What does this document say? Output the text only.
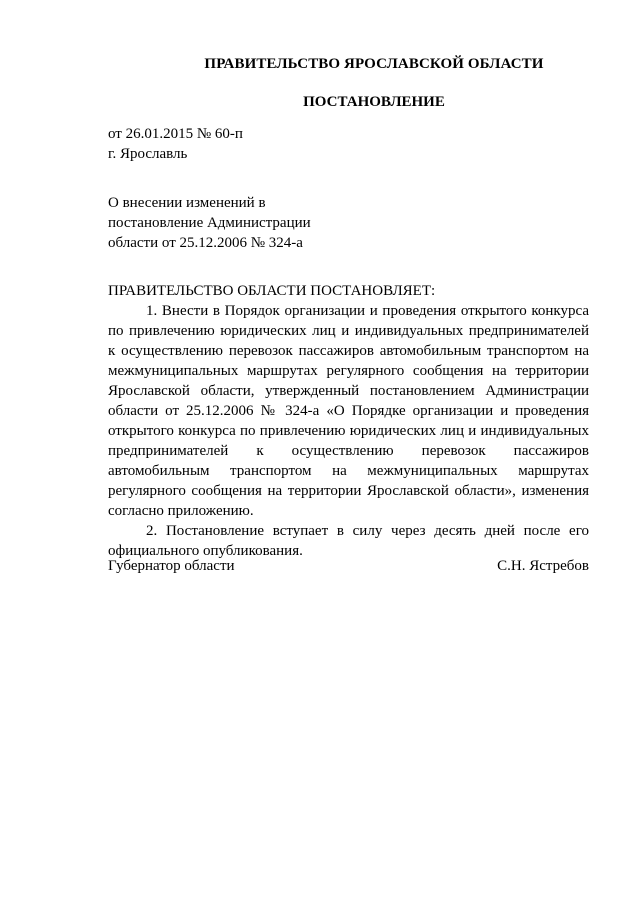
ПРАВИТЕЛЬСТВО ЯРОСЛАВСКОЙ ОБЛАСТИ
ПОСТАНОВЛЕНИЕ
от 26.01.2015 № 60-п
г. Ярославль
О внесении изменений в
постановление Администрации
области от 25.12.2006 № 324-а
ПРАВИТЕЛЬСТВО ОБЛАСТИ ПОСТАНОВЛЯЕТ:

1. Внести в Порядок организации и проведения открытого конкурса по привлечению юридических лиц и индивидуальных предпринимателей к осуществлению перевозок пассажиров автомобильным транспортом на межмуниципальных маршрутах регулярного сообщения на территории Ярославской области, утвержденный постановлением Администрации области от 25.12.2006 № 324-а «О Порядке организации и проведения открытого конкурса по привлечению юридических лиц и индивидуальных предпринимателей к осуществлению перевозок пассажиров автомобильным транспортом на межмуниципальных маршрутах регулярного сообщения на территории Ярославской области», изменения согласно приложению.

2. Постановление вступает в силу через десять дней после его официального опубликования.

Губернатор области	С.Н. Ястребов
